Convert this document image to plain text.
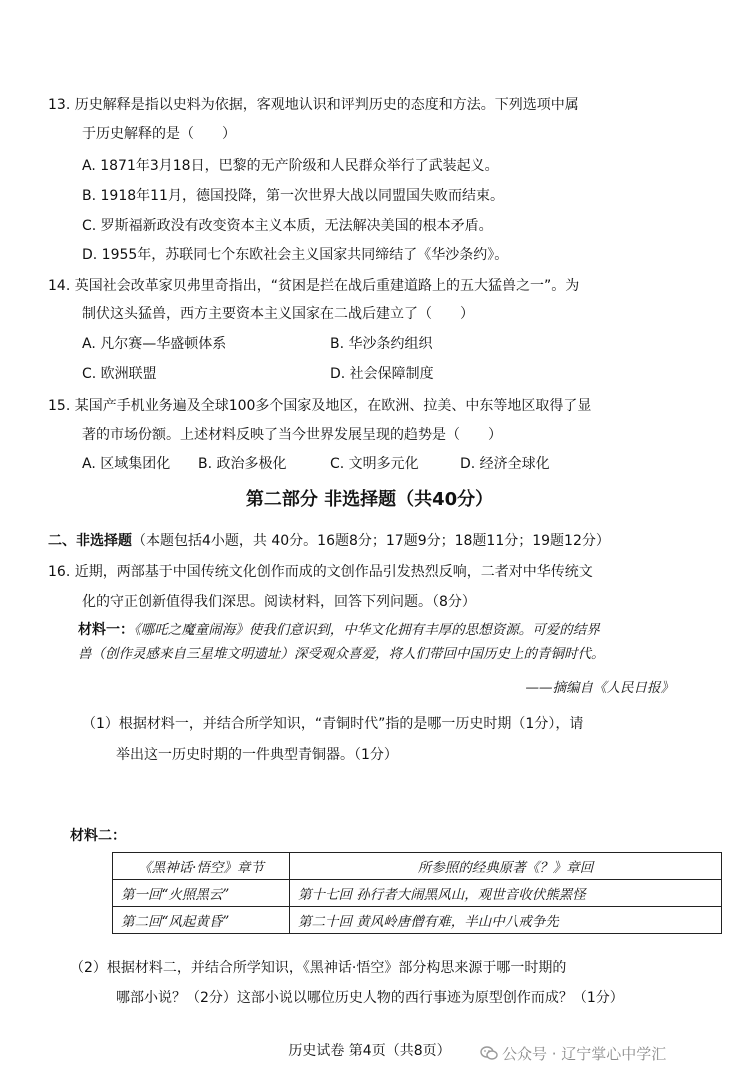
13. 历史解释是指以史料为依据，客观地认识和评判历史的态度和方法。下列选项中属
于历史解释的是（　　）
A. 1871年3月18日，巴黎的无产阶级和人民群众举行了武装起义。
B. 1918年11月，德国投降，第一次世界大战以同盟国失败而结束。
C. 罗斯福新政没有改变资本主义本质，无法解决美国的根本矛盾。
D. 1955年，苏联同七个东欧社会主义国家共同缔结了《华沙条约》。
14. 英国社会改革家贝弗里奇指出，“贫困是拦在战后重建道路上的五大猛兽之一”。为
制伏这头猛兽，西方主要资本主义国家在二战后建立了（　　）
A. 凡尔赛—华盛顿体系	B. 华沙条约组织
C. 欧洲联盟	D. 社会保障制度
15. 某国产手机业务遍及全球100多个国家及地区，在欧洲、拉美、中东等地区取得了显
著的市场份额。上述材料反映了当今世界发展呈现的趋势是（　　）
A. 区域集团化 B. 政治多极化	C. 文明多元化	D. 经济全球化
第二部分 非选择题（共40分）
二、非选择题（本题包括4小题，共 40分。16题8分；17题9分；18题11分；19题12分）
16. 近期，两部基于中国传统文化创作而成的文创作品引发热烈反响，二者对中华传统文
化的守正创新值得我们深思。阅读材料，回答下列问题。（8分）
材料一：《哪吒之魔童闹海》使我们意识到，中华文化拥有丰厚的思想资源。可爱的结界
兽（创作灵感来自三星堆文明遗址）深受观众喜爱，将人们带回中国历史上的青铜时代。
——摘编自《人民日报》
（1）根据材料一，并结合所学知识，“青铜时代”指的是哪一历史时期（1分），请
举出这一历史时期的一件典型青铜器。（1分）
材料二：
《黑神话·悟空》章节	所参照的经典原著《？》章回
第一回“火照黑云”	第十七回 孙行者大闹黑风山，观世音收伏熊罴怪
第二回“风起黄昏”	第二十回 黄风岭唐僧有难，半山中八戒争先
（2）根据材料二，并结合所学知识，《黑神话·悟空》部分构思来源于哪一时期的
哪部小说？（2分）这部小说以哪位历史人物的西行事迹为原型创作而成？（1分）
历史试卷 第4页（共8页）	公众号 · 辽宁掌心中学汇
